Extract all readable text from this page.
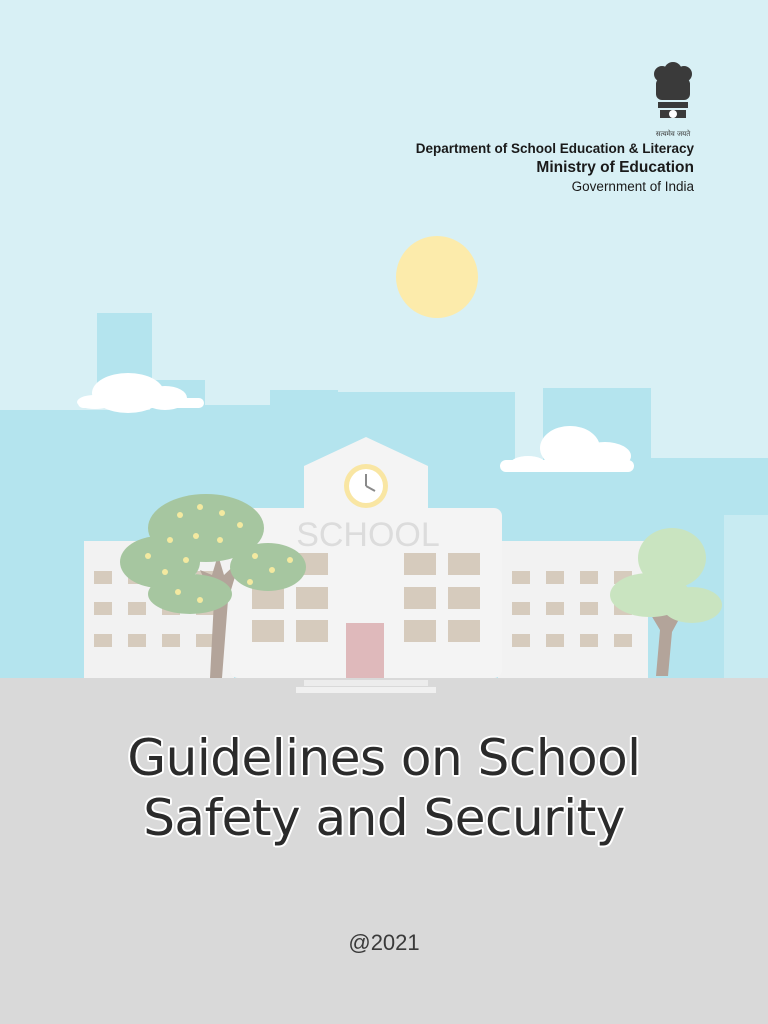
SCHOOL
सत्यमेव जयते
Department of School Education & Literacy
Ministry of Education
Government of India
Guidelines on School
Safety and Security
@2021
